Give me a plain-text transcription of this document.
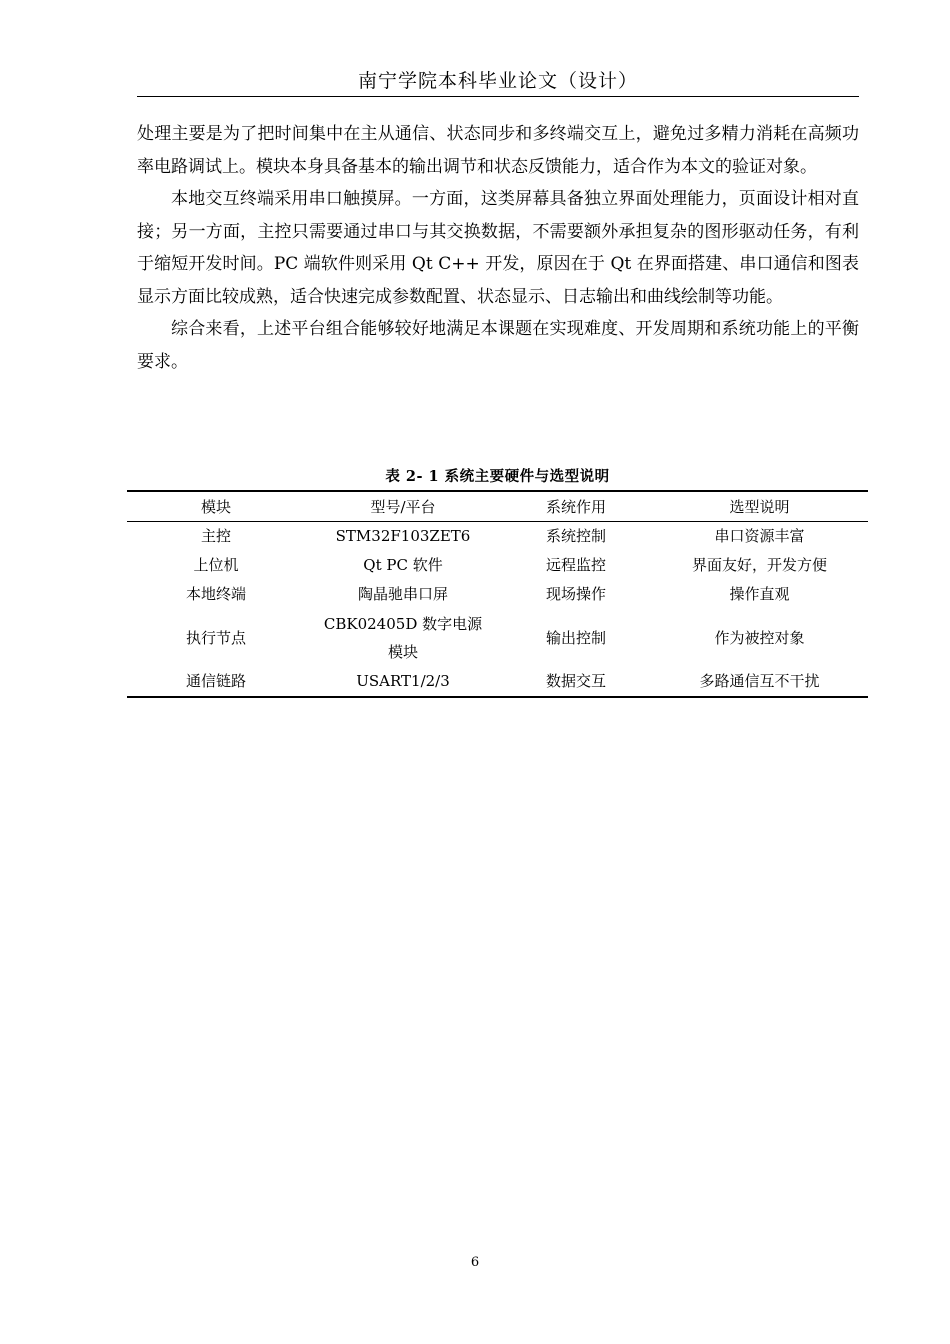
南宁学院本科毕业论文（设计）

处理主要是为了把时间集中在主从通信、状态同步和多终端交互上，避免过多精力消耗在高频功率电路调试上。模块本身具备基本的输出调节和状态反馈能力，适合作为本文的验证对象。

本地交互终端采用串口触摸屏。一方面，这类屏幕具备独立界面处理能力，页面设计相对直接；另一方面，主控只需要通过串口与其交换数据，不需要额外承担复杂的图形驱动任务，有利于缩短开发时间。PC 端软件则采用 Qt C++ 开发，原因在于 Qt 在界面搭建、串口通信和图表显示方面比较成熟，适合快速完成参数配置、状态显示、日志输出和曲线绘制等功能。

综合来看，上述平台组合能够较好地满足本课题在实现难度、开发周期和系统功能上的平衡要求。

表 2- 1 系统主要硬件与选型说明
模块	型号/平台	系统作用	选型说明
主控	STM32F103ZET6	系统控制	串口资源丰富
上位机	Qt PC 软件	远程监控	界面友好，开发方便
本地终端	陶晶驰串口屏	现场操作	操作直观
执行节点	CBK02405D 数字电源模块	输出控制	作为被控对象
通信链路	USART1/2/3	数据交互	多路通信互不干扰
6
